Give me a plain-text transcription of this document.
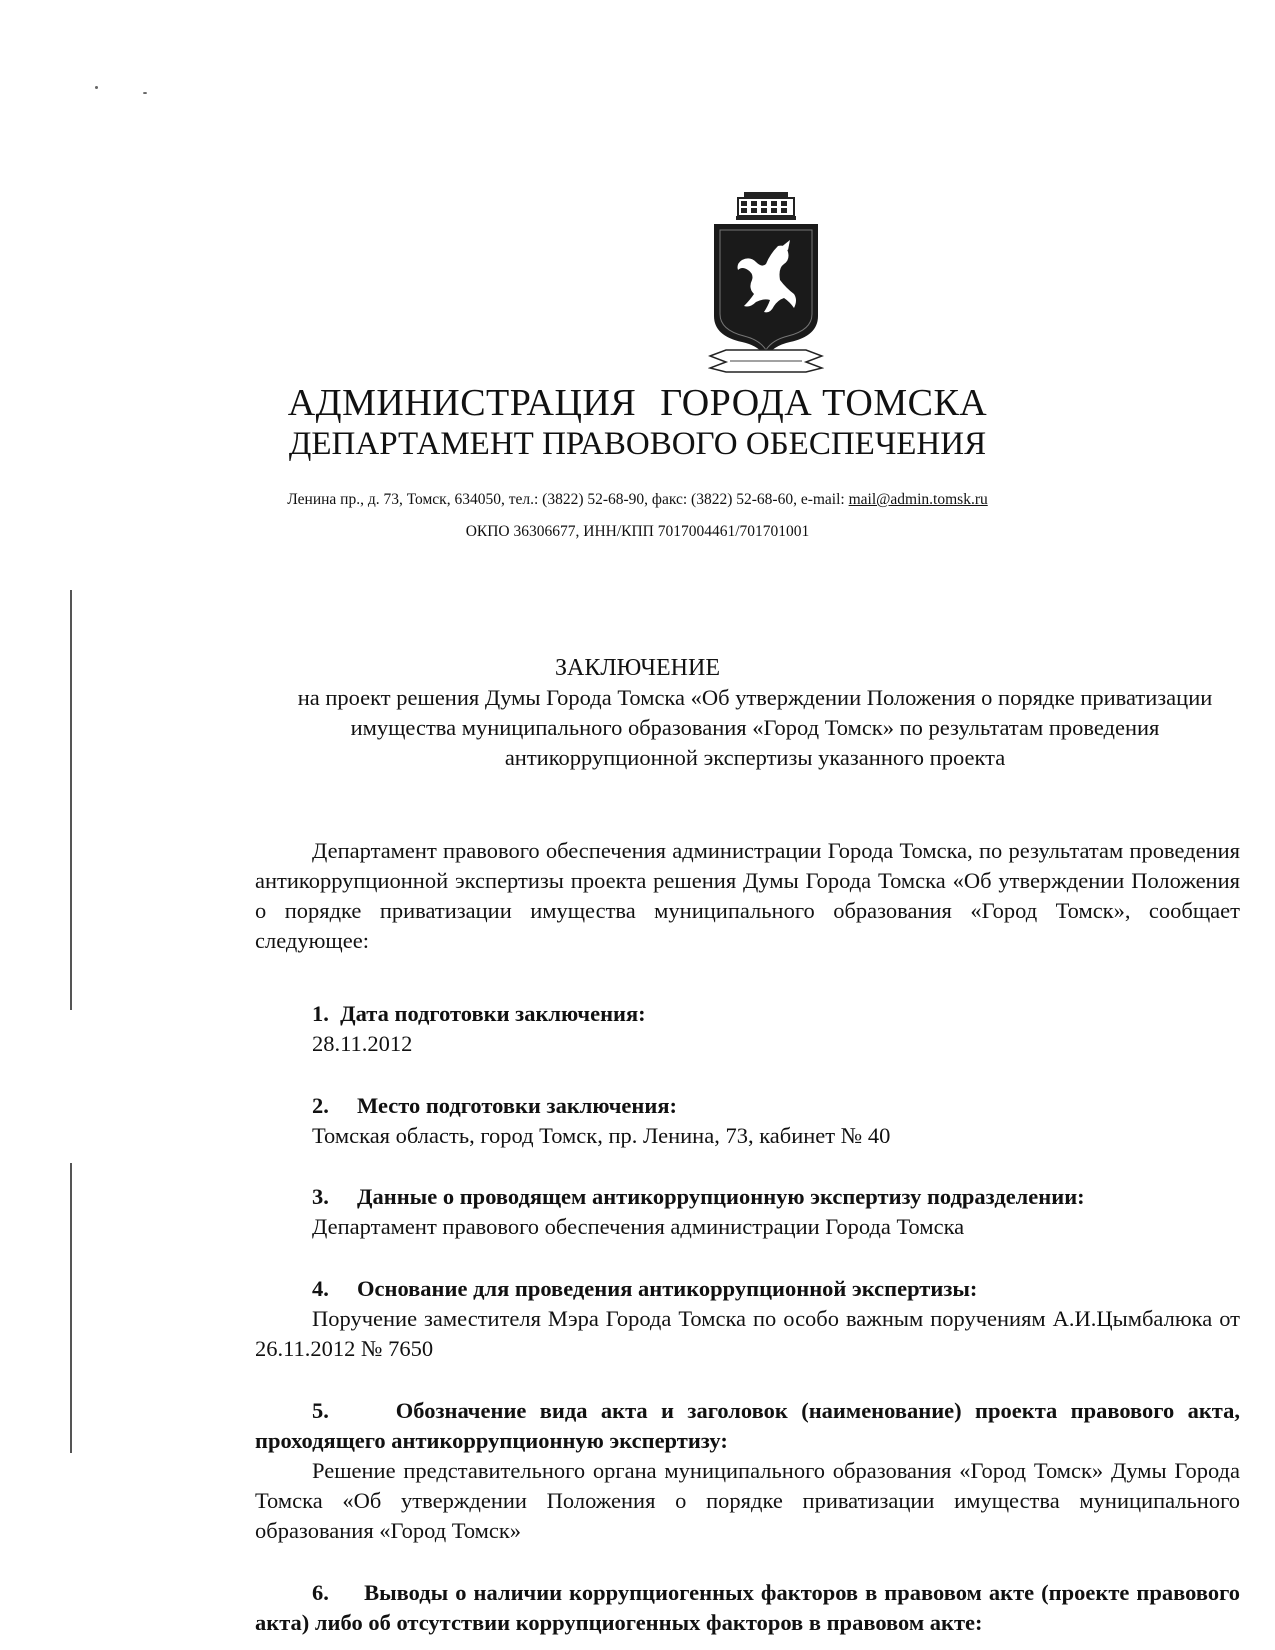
АДМИНИСТРАЦИЯ ГОРОДА ТОМСКА
ДЕПАРТАМЕНТ ПРАВОВОГО ОБЕСПЕЧЕНИЯ
Ленина пр., д. 73, Томск, 634050, тел.: (3822) 52-68-90, факс: (3822) 52-68-60, e-mail: mail@admin.tomsk.ru
ОКПО 36306677, ИНН/КПП 7017004461/701701001
ЗАКЛЮЧЕНИЕ
на проект решения Думы Города Томска «Об утверждении Положения о порядке приватизации имущества муниципального образования «Город Томск» по результатам проведения антикоррупционной экспертизы указанного проекта
Департамент правового обеспечения администрации Города Томска, по результатам проведения антикоррупционной экспертизы проекта решения Думы Города Томска «Об утверждении Положения о порядке приватизации имущества муниципального образования «Город Томск», сообщает следующее:
1. Дата подготовки заключения:
28.11.2012
2. Место подготовки заключения:
Томская область, город Томск, пр. Ленина, 73, кабинет № 40
3. Данные о проводящем антикоррупционную экспертизу подразделении:
Департамент правового обеспечения администрации Города Томска
4. Основание для проведения антикоррупционной экспертизы:
Поручение заместителя Мэра Города Томска по особо важным поручениям А.И.Цымбалюка от 26.11.2012 № 7650
5.	Обозначение вида акта и заголовок (наименование) проекта правового акта, проходящего антикоррупционную экспертизу:
Решение представительного органа муниципального образования «Город Томск» Думы Города Томска «Об утверждении Положения о порядке приватизации имущества муниципального образования «Город Томск»
6. Выводы о наличии коррупциогенных факторов в правовом акте (проекте правового акта) либо об отсутствии коррупциогенных факторов в правовом акте:
